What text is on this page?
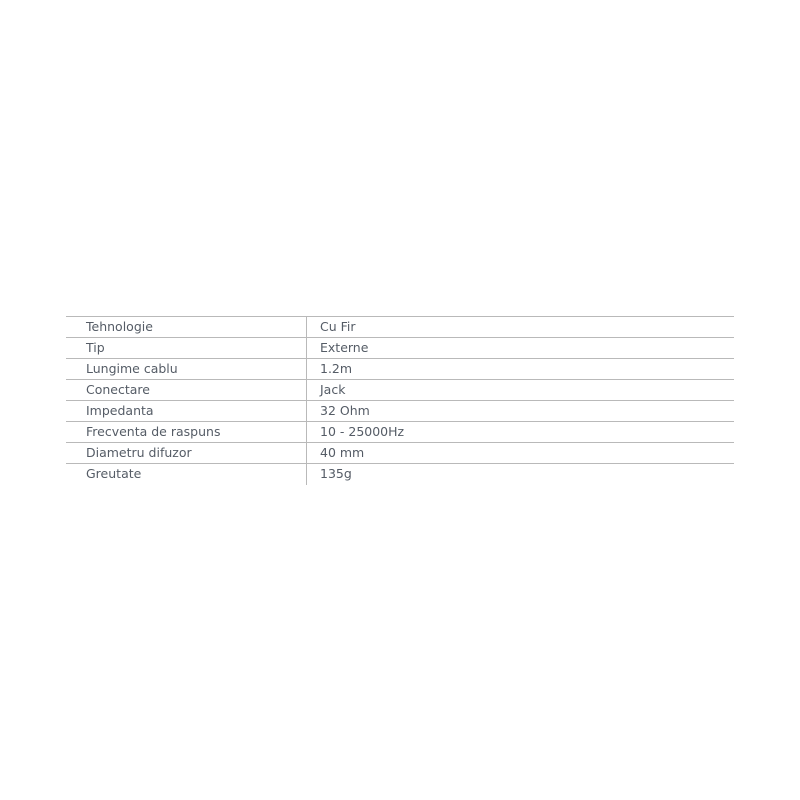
Tehnologie	Cu Fir
Tip	Externe
Lungime cablu	1.2m
Conectare	Jack
Impedanta	32 Ohm
Frecventa de raspuns	10 - 25000Hz
Diametru difuzor	40 mm
Greutate	135g
